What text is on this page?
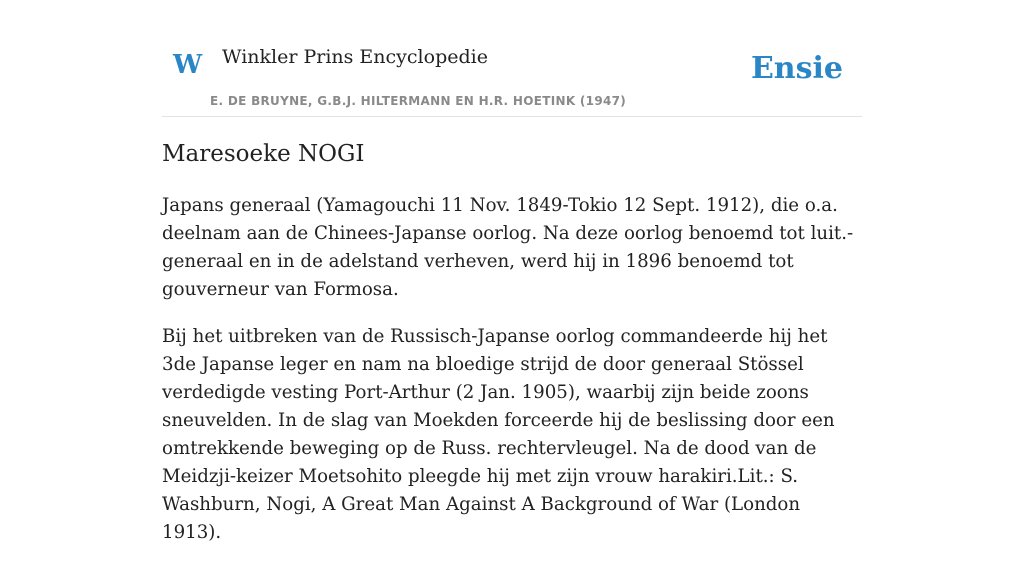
W Winkler Prins Encyclopedie
E. DE BRUYNE, G.B.J. HILTERMANN EN H.R. HOETINK (1947)
Ensie
Maresoeke NOGI

Japans generaal (Yamagouchi 11 Nov. 1849-Tokio 12 Sept. 1912), die o.a. deelnam aan de Chinees-Japanse oorlog. Na deze oorlog benoemd tot luit.-generaal en in de adelstand verheven, werd hij in 1896 benoemd tot gouverneur van Formosa.

Bij het uitbreken van de Russisch-Japanse oorlog commandeerde hij het 3de Japanse leger en nam na bloedige strijd de door generaal Stössel verdedigde vesting Port-Arthur (2 Jan. 1905), waarbij zijn beide zoons sneuvelden. In de slag van Moekden forceerde hij de beslissing door een omtrekkende beweging op de Russ. rechtervleugel. Na de dood van de Meidzji-keizer Moetsohito pleegde hij met zijn vrouw harakiri.Lit.: S. Washburn, Nogi, A Great Man Against A Background of War (London 1913).
